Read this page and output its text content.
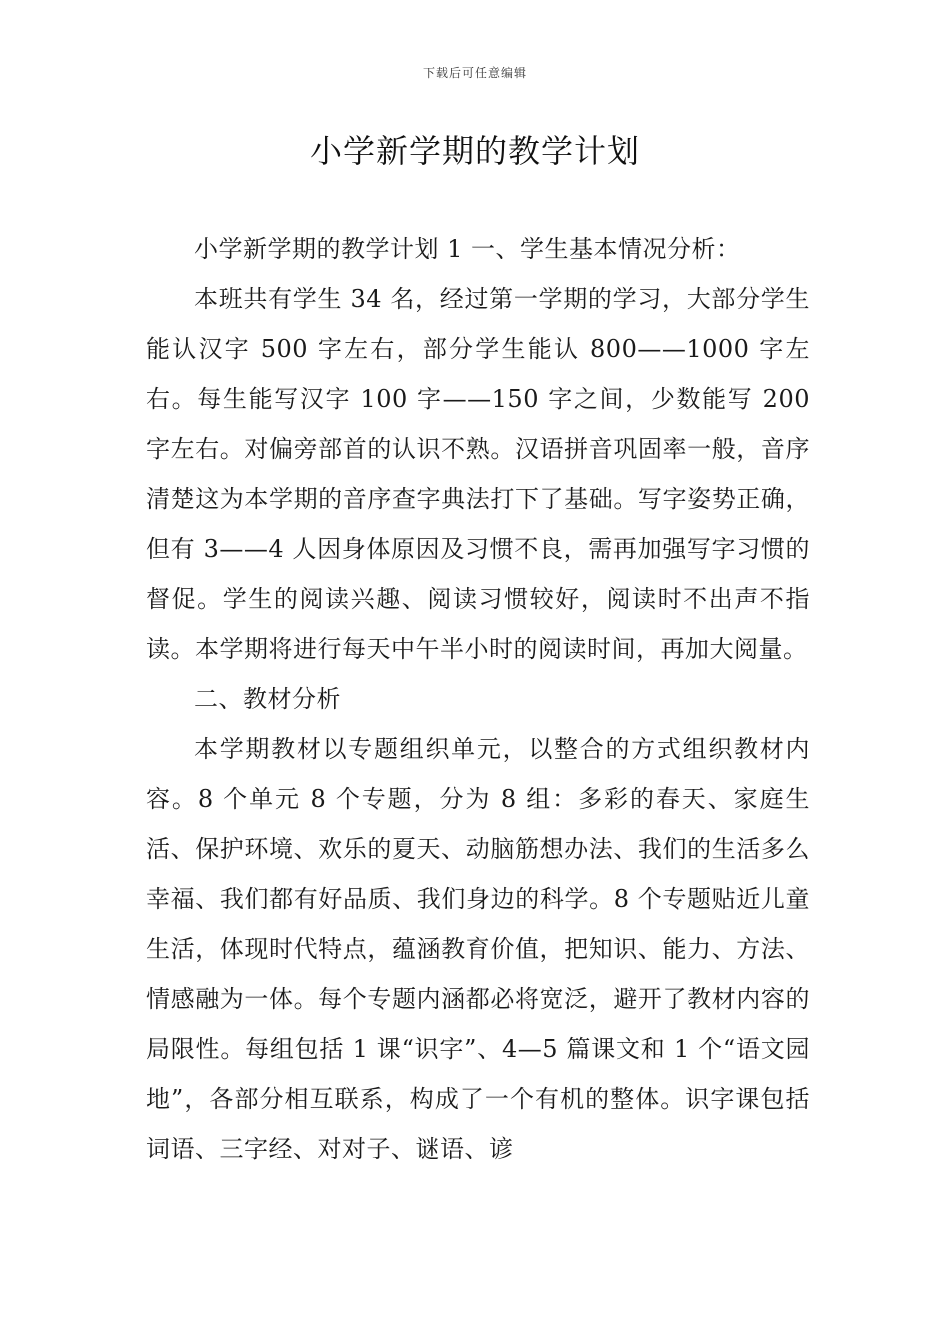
下载后可任意编辑
小学新学期的教学计划

小学新学期的教学计划 1 一、学生基本情况分析：

本班共有学生 34 名，经过第一学期的学习，大部分学生能认汉字 500 字左右，部分学生能认 800——1000 字左右。每生能写汉字 100 字——150 字之间，少数能写 200 字左右。对偏旁部首的认识不熟。汉语拼音巩固率一般，音序清楚这为本学期的音序查字典法打下了基础。写字姿势正确，但有 3——4 人因身体原因及习惯不良，需再加强写字习惯的督促。学生的阅读兴趣、阅读习惯较好，阅读时不出声不指读。本学期将进行每天中午半小时的阅读时间，再加大阅量。

二、教材分析

本学期教材以专题组织单元，以整合的方式组织教材内容。8 个单元 8 个专题，分为 8 组：多彩的春天、家庭生活、保护环境、欢乐的夏天、动脑筋想办法、我们的生活多么幸福、我们都有好品质、我们身边的科学。8 个专题贴近儿童生活，体现时代特点，蕴涵教育价值，把知识、能力、方法、情感融为一体。每个专题内涵都必将宽泛，避开了教材内容的局限性。每组包括 1 课“识字”、4—5 篇课文和 1 个“语文园地”，各部分相互联系，构成了一个有机的整体。识字课包括词语、三字经、对对子、谜语、谚
